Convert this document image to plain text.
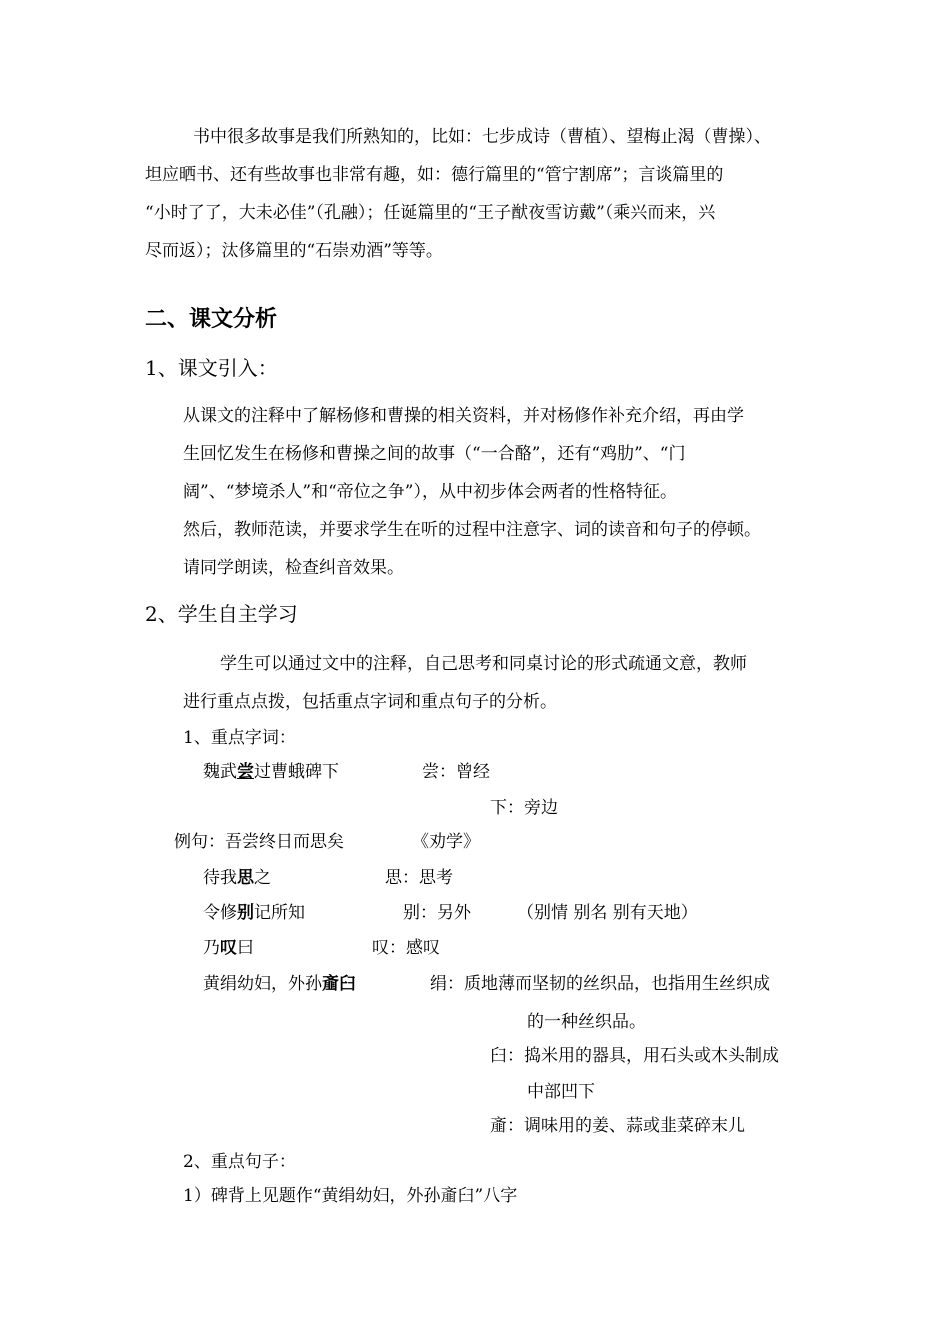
书中很多故事是我们所熟知的，比如：七步成诗（曹植）、望梅止渴（曹操）、
坦应晒书、还有些故事也非常有趣，如：德行篇里的“管宁割席”；言谈篇里的
“小时了了，大未必佳”（孔融）；任诞篇里的“王子猷夜雪访戴”（乘兴而来，兴
尽而返）；汰侈篇里的“石崇劝酒”等等。
二、课文分析
1、课文引入：
从课文的注释中了解杨修和曹操的相关资料，并对杨修作补充介绍，再由学
生回忆发生在杨修和曹操之间的故事（“一合酪”，还有“鸡肋”、“门
阔”、“梦境杀人”和“帝位之争”），从中初步体会两者的性格特征。
然后，教师范读，并要求学生在听的过程中注意字、词的读音和句子的停顿。
请同学朗读，检查纠音效果。
2、学生自主学习
学生可以通过文中的注释，自己思考和同桌讨论的形式疏通文意，教师
进行重点点拨，包括重点字词和重点句子的分析。
1、重点字词：
魏武尝过曹蛾碑下	尝：曾经
下：旁边
例句：吾尝终日而思矣	《劝学》
待我思之	思：思考
令修别记所知	别：另外	（别情 别名 别有天地）
乃叹曰	叹：感叹
黄绢幼妇，外孙齑臼	绢：质地薄而坚韧的丝织品，也指用生丝织成
的一种丝织品。
臼：捣米用的器具，用石头或木头制成
中部凹下
齑：调味用的姜、蒜或韭菜碎末儿
2、重点句子：
1）碑背上见题作“黄绢幼妇，外孙齑臼”八字
